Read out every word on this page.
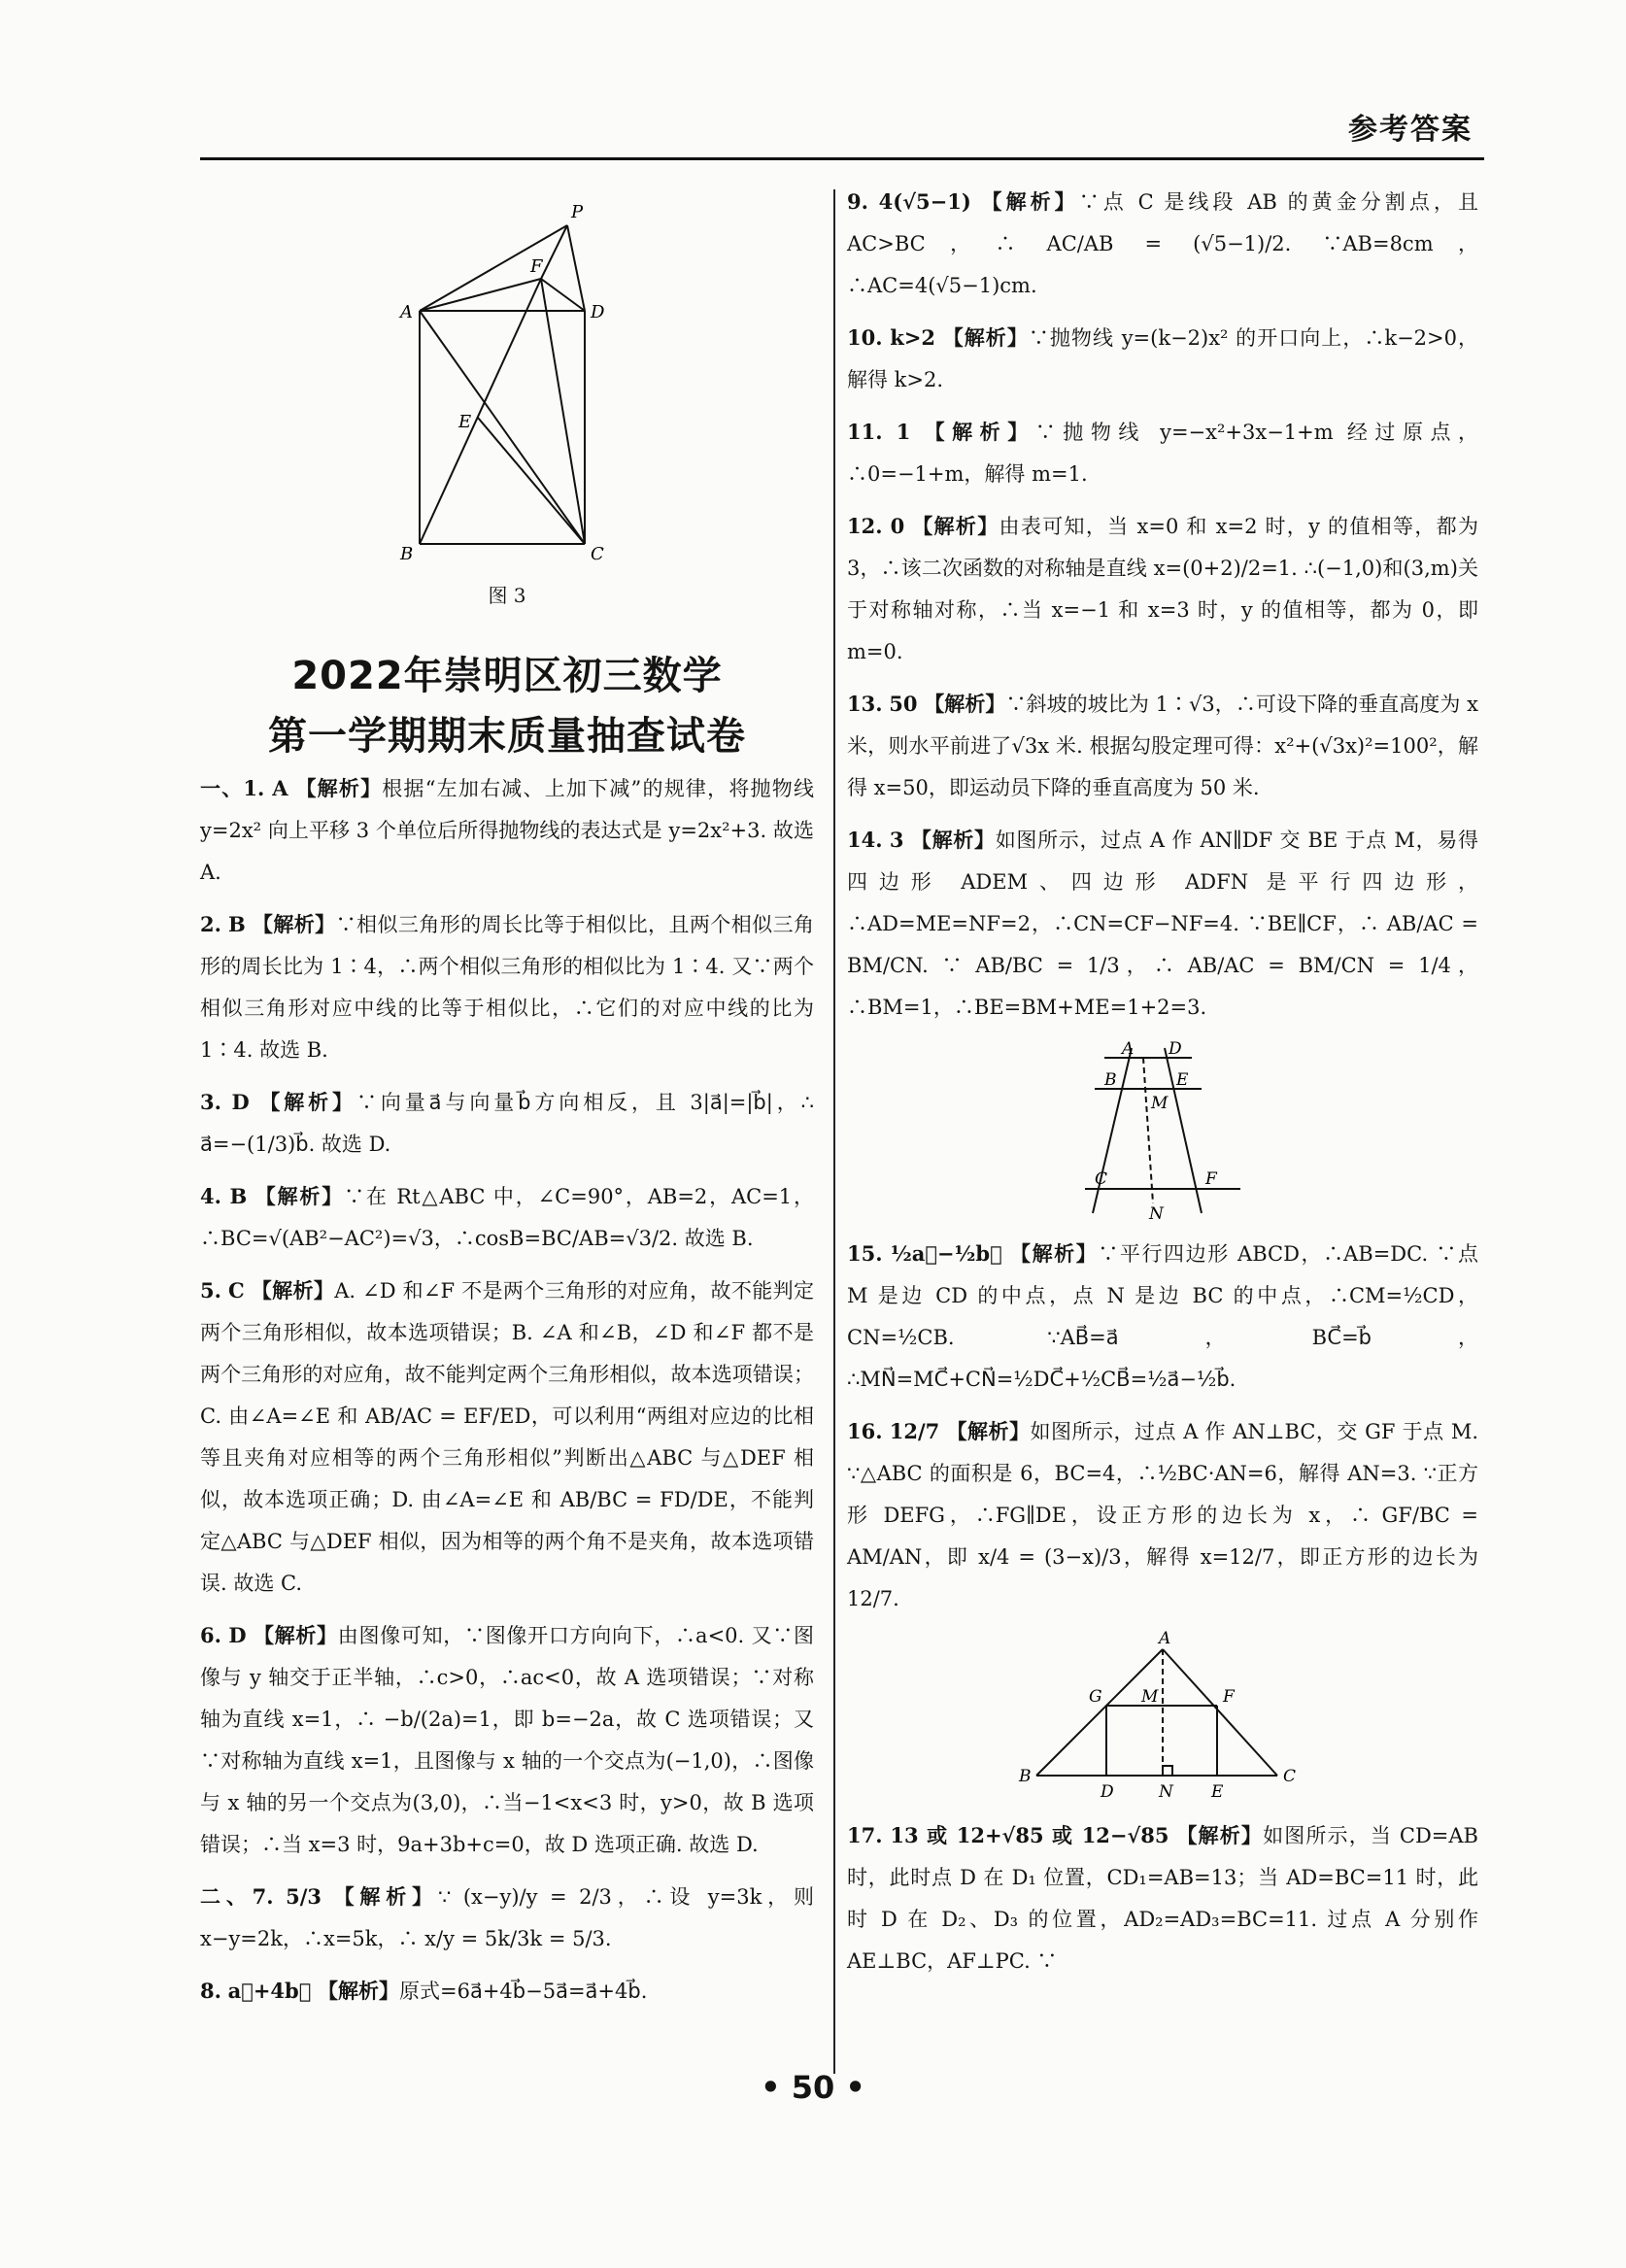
参考答案
P
F
A	D
E
B	C
图 3
2022年崇明区初三数学
第一学期期末质量抽查试卷
一、1. A 【解析】根据“左加右减、上加下减”的规律，将抛物线 y=2x² 向上平移 3 个单位后所得抛物线的表达式是 y=2x²+3. 故选 A.
2. B 【解析】∵相似三角形的周长比等于相似比，且两个相似三角形的周长比为 1∶4，∴两个相似三角形的相似比为 1∶4. 又∵两个相似三角形对应中线的比等于相似比，∴它们的对应中线的比为 1∶4. 故选 B.
3. D 【解析】∵向量a⃗与向量b⃗方向相反，且 3|a⃗|=|b⃗|，∴ a⃗=−(1/3)b⃗. 故选 D.
4. B 【解析】∵在 Rt△ABC 中，∠C=90°，AB=2，AC=1，∴BC=√(AB²−AC²)=√3，∴cosB=BC/AB=√3/2. 故选 B.
5. C 【解析】A. ∠D 和∠F 不是两个三角形的对应角，故不能判定两个三角形相似，故本选项错误；B. ∠A 和∠B，∠D 和∠F 都不是两个三角形的对应角，故不能判定两个三角形相似，故本选项错误；C. 由∠A=∠E 和 AB/AC = EF/ED，可以利用“两组对应边的比相等且夹角对应相等的两个三角形相似”判断出△ABC 与△DEF 相似，故本选项正确；D. 由∠A=∠E 和 AB/BC = FD/DE，不能判定△ABC 与△DEF 相似，因为相等的两个角不是夹角，故本选项错误. 故选 C.
6. D 【解析】由图像可知，∵图像开口方向向下，∴a<0. 又∵图像与 y 轴交于正半轴，∴c>0，∴ac<0，故 A 选项错误；∵对称轴为直线 x=1，∴ −b/(2a)=1，即 b=−2a，故 C 选项错误；又∵对称轴为直线 x=1，且图像与 x 轴的一个交点为(−1,0)，∴图像与 x 轴的另一个交点为(3,0)，∴当−1<x<3 时，y>0，故 B 选项错误；∴当 x=3 时，9a+3b+c=0，故 D 选项正确. 故选 D.
二、7. 5/3 【解析】∵ (x−y)/y = 2/3，∴设 y=3k，则 x−y=2k，∴x=5k，∴ x/y = 5k/3k = 5/3.
8. a⃗+4b⃗ 【解析】原式=6a⃗+4b⃗−5a⃗=a⃗+4b⃗.
9. 4(√5−1) 【解析】∵点 C 是线段 AB 的黄金分割点，且 AC>BC，∴ AC/AB = (√5−1)/2. ∵AB=8cm，∴AC=4(√5−1)cm.
10. k>2 【解析】∵抛物线 y=(k−2)x² 的开口向上，∴k−2>0，解得 k>2.
11. 1 【解析】∵抛物线 y=−x²+3x−1+m 经过原点，∴0=−1+m，解得 m=1.
12. 0 【解析】由表可知，当 x=0 和 x=2 时，y 的值相等，都为 3，∴该二次函数的对称轴是直线 x=(0+2)/2=1. ∴(−1,0)和(3,m)关于对称轴对称，∴当 x=−1 和 x=3 时，y 的值相等，都为 0，即 m=0.
13. 50 【解析】∵斜坡的坡比为 1∶√3，∴可设下降的垂直高度为 x 米，则水平前进了√3x 米. 根据勾股定理可得：x²+(√3x)²=100²，解得 x=50，即运动员下降的垂直高度为 50 米.
14. 3 【解析】如图所示，过点 A 作 AN∥DF 交 BE 于点 M，易得四边形 ADEM、四边形 ADFN 是平行四边形，∴AD=ME=NF=2，∴CN=CF−NF=4. ∵BE∥CF，∴ AB/AC = BM/CN. ∵ AB/BC = 1/3，∴ AB/AC = BM/CN = 1/4，∴BM=1，∴BE=BM+ME=1+2=3.
A D
B	E
M
C	F
N
15. ½a⃗−½b⃗ 【解析】∵平行四边形 ABCD，∴AB=DC. ∵点 M 是边 CD 的中点，点 N 是边 BC 的中点，∴CM=½CD，CN=½CB. ∵AB⃗=a⃗，BC⃗=b⃗，∴MN⃗=MC⃗+CN⃗=½DC⃗+½CB⃗=½a⃗−½b⃗.
16. 12/7 【解析】如图所示，过点 A 作 AN⊥BC，交 GF 于点 M. ∵△ABC 的面积是 6，BC=4，∴½BC·AN=6，解得 AN=3. ∵正方形 DEFG，∴FG∥DE，设正方形的边长为 x，∴ GF/BC = AM/AN，即 x/4 = (3−x)/3，解得 x=12/7，即正方形的边长为 12/7.
A
G M	F
B
D	N E
C
17. 13 或 12+√85 或 12−√85 【解析】如图所示，当 CD=AB 时，此时点 D 在 D₁ 位置，CD₁=AB=13；当 AD=BC=11 时，此时 D 在 D₂、D₃ 的位置，AD₂=AD₃=BC=11. 过点 A 分别作 AE⊥BC，AF⊥PC. ∵
• 50 •
